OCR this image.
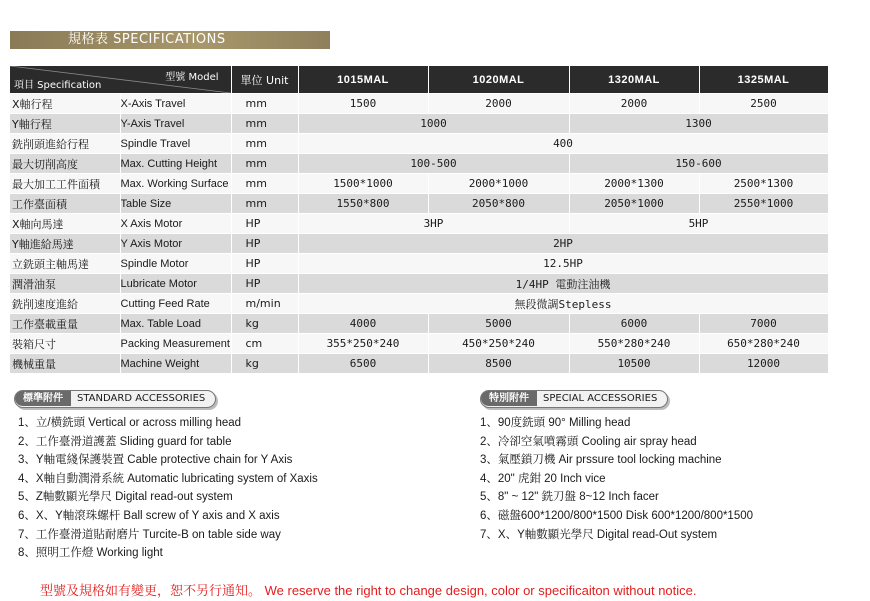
規格表 SPECIFICATIONS
型號 Model
項目 Specification		單位 Unit	1015MAL	1020MAL	1320MAL	1325MAL
X軸行程	X-Axis Travel	mm	1500	2000	2000	2500
Y軸行程	Y-Axis Travel	mm	1000		1300	
銑削頭進給行程	Spindle Travel	mm	400			
最大切削高度	Max. Cutting Height	mm	100-500		150-600	
最大加工工件面積	Max. Working Surface	mm	1500*1000	2000*1000	2000*1300	2500*1300
工作臺面積	Table Size	mm	1550*800	2050*800	2050*1000	2550*1000
X軸向馬達	X Axis Motor	HP	3HP		5HP	
Y軸進給馬達	Y Axis Motor	HP	2HP			
立銑頭主軸馬達	Spindle Motor	HP	12.5HP			
潤滑油泵	Lubricate Motor	HP	1/4HP 電動注油機			
銑削速度進給	Cutting Feed Rate	m/min	無段微調Stepless			
工作臺載重量	Max. Table Load	kg	4000	5000	6000	7000
裝箱尺寸	Packing Measurement	cm	355*250*240	450*250*240	550*280*240	650*280*240
機械重量	Machine Weight	kg	6500	8500	10500	12000
標準附件 STANDARD ACCESSORIES
1、立/横銑頭 Vertical or across milling head
2、工作臺滑道護蓋 Sliding guard for table
3、Y軸電綫保護裝置 Cable protective chain for Y Axis
4、X軸自動潤滑系統 Automatic lubricating system of Xaxis
5、Z軸數顯光學尺 Digital read-out system
6、X、Y軸滾珠螺杆 Ball screw of Y axis and X axis
7、工作臺滑道貼耐磨片 Turcite-B on table side way
8、照明工作燈 Working light
特別附件 SPECIAL ACCESSORIES
1、90度銑頭 90° Milling head
2、冷卻空氣噴霧頭 Cooling air spray head
3、氣壓鎖刀機 Air prssure tool locking machine
4、20" 虎鉗 20 Inch vice
5、8" ~ 12" 銑刀盤 8~12 Inch facer
6、磁盤600*1200/800*1500 Disk 600*1200/800*1500
7、X、Y軸數顯光學尺 Digital read-Out system
型號及規格如有變更，恕不另行通知。 We reserve the right to change design, color or specificaiton without notice.
